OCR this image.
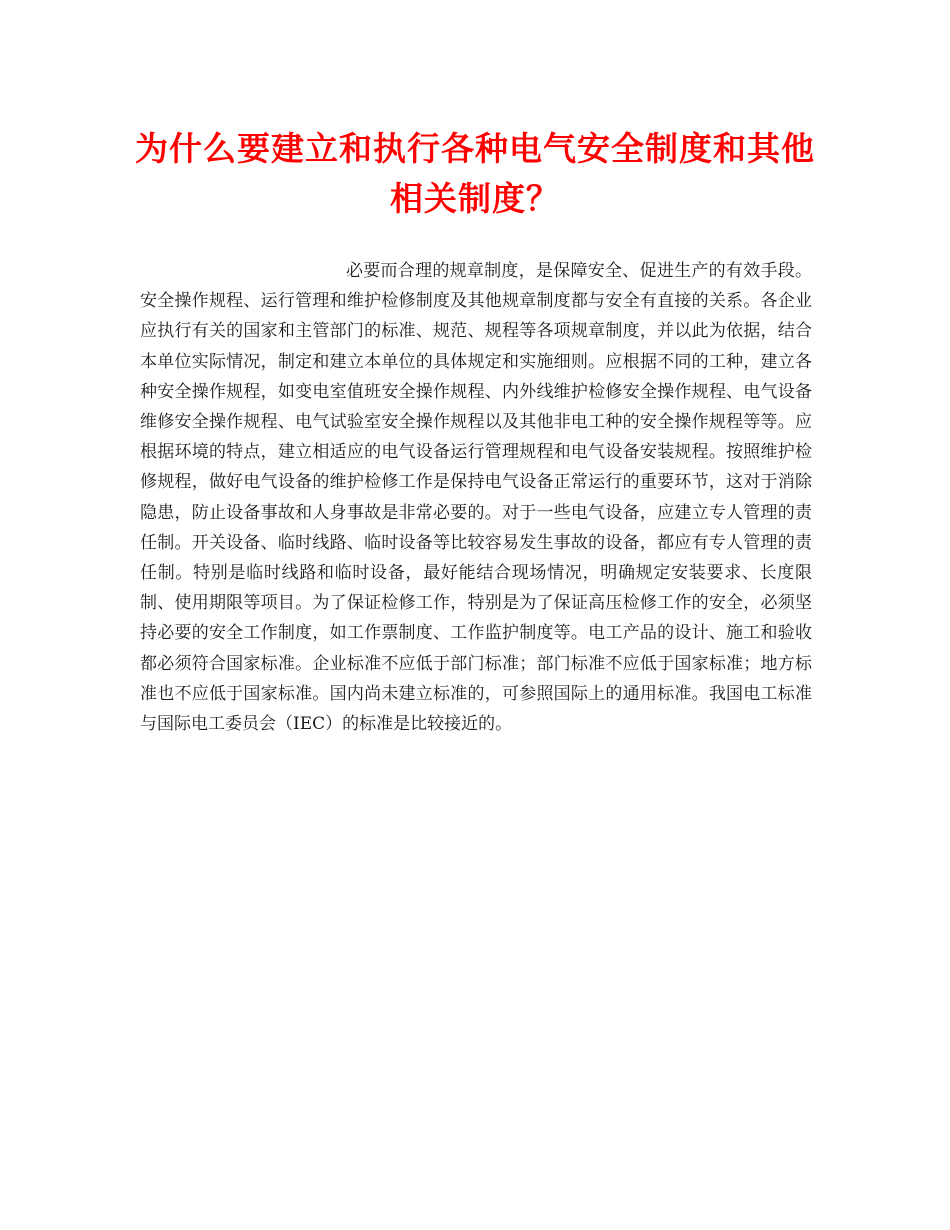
为什么要建立和执行各种电气安全制度和其他相关制度？

必要而合理的规章制度，是保障安全、促进生产的有效手段。安全操作规程、运行管理和维护检修制度及其他规章制度都与安全有直接的关系。各企业应执行有关的国家和主管部门的标准、规范、规程等各项规章制度，并以此为依据，结合本单位实际情况，制定和建立本单位的具体规定和实施细则。应根据不同的工种，建立各种安全操作规程，如变电室值班安全操作规程、内外线维护检修安全操作规程、电气设备维修安全操作规程、电气试验室安全操作规程以及其他非电工种的安全操作规程等等。应根据环境的特点，建立相适应的电气设备运行管理规程和电气设备安装规程。按照维护检修规程，做好电气设备的维护检修工作是保持电气设备正常运行的重要环节，这对于消除隐患，防止设备事故和人身事故是非常必要的。对于一些电气设备，应建立专人管理的责任制。开关设备、临时线路、临时设备等比较容易发生事故的设备，都应有专人管理的责任制。特别是临时线路和临时设备，最好能结合现场情况，明确规定安装要求、长度限制、使用期限等项目。为了保证检修工作，特别是为了保证高压检修工作的安全，必须坚持必要的安全工作制度，如工作票制度、工作监护制度等。电工产品的设计、施工和验收都必须符合国家标准。企业标准不应低于部门标准；部门标准不应低于国家标准；地方标准也不应低于国家标准。国内尚未建立标准的，可参照国际上的通用标准。我国电工标准与国际电工委员会（IEC）的标准是比较接近的。
